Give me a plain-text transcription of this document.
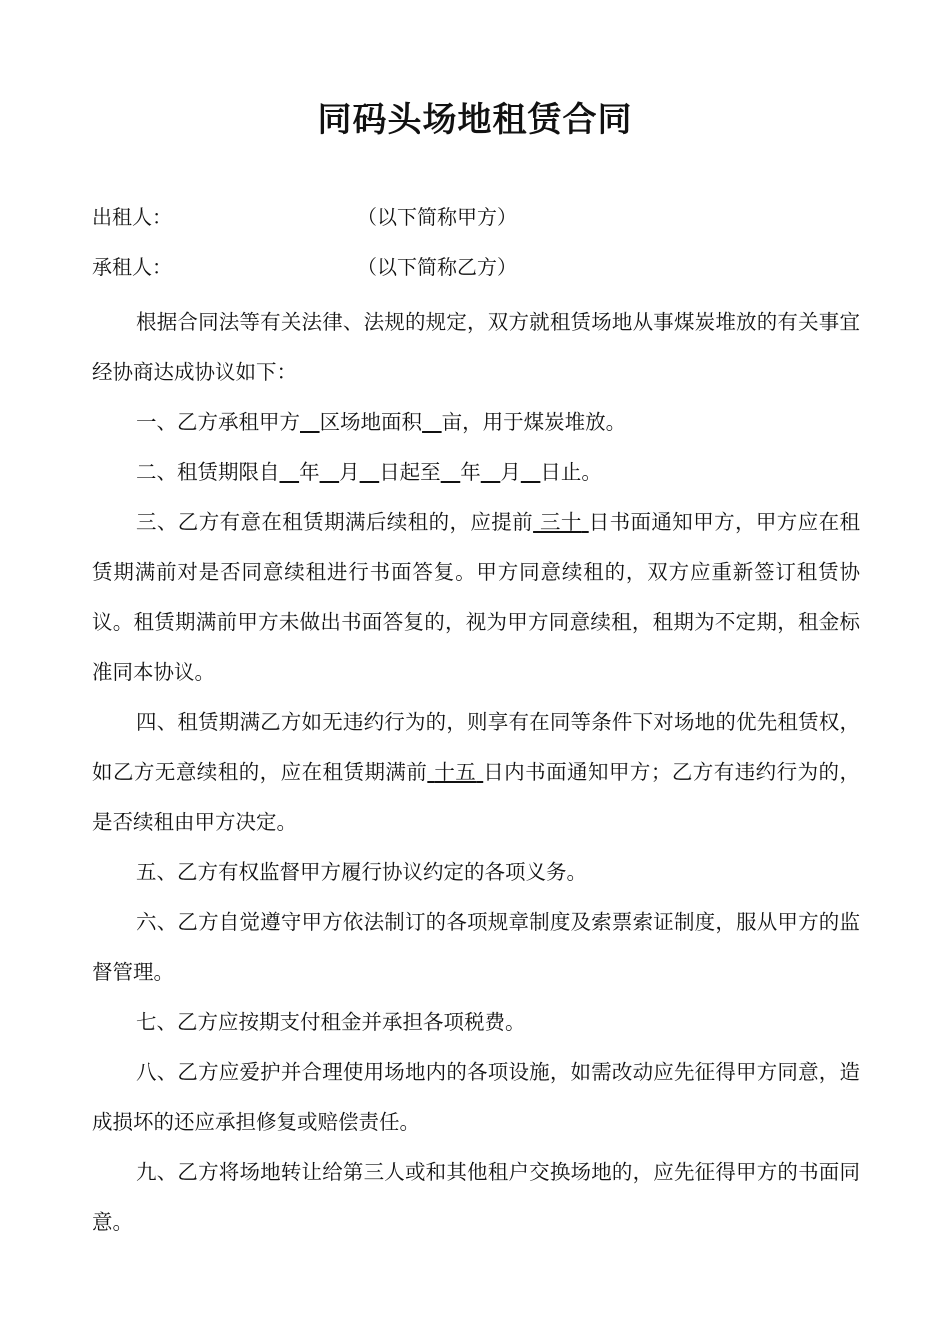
同码头场地租赁合同
出租人：	（以下简称甲方）
承租人：	（以下简称乙方）

根据合同法等有关法律、法规的规定，双方就租赁场地从事煤炭堆放的有关事宜经协商达成协议如下：

一、乙方承租甲方 区场地面积 亩，用于煤炭堆放。

二、租赁期限自 年 月 日起至 年 月 日止。

三、乙方有意在租赁期满后续租的，应提前 三十 日书面通知甲方，甲方应在租赁期满前对是否同意续租进行书面答复。甲方同意续租的，双方应重新签订租赁协议。租赁期满前甲方未做出书面答复的，视为甲方同意续租，租期为不定期，租金标准同本协议。

四、租赁期满乙方如无违约行为的，则享有在同等条件下对场地的优先租赁权，如乙方无意续租的，应在租赁期满前 十五 日内书面通知甲方；乙方有违约行为的，是否续租由甲方决定。

五、乙方有权监督甲方履行协议约定的各项义务。

六、乙方自觉遵守甲方依法制订的各项规章制度及索票索证制度，服从甲方的监督管理。

七、乙方应按期支付租金并承担各项税费。

八、乙方应爱护并合理使用场地内的各项设施，如需改动应先征得甲方同意，造成损坏的还应承担修复或赔偿责任。

九、乙方将场地转让给第三人或和其他租户交换场地的，应先征得甲方的书面同意。
